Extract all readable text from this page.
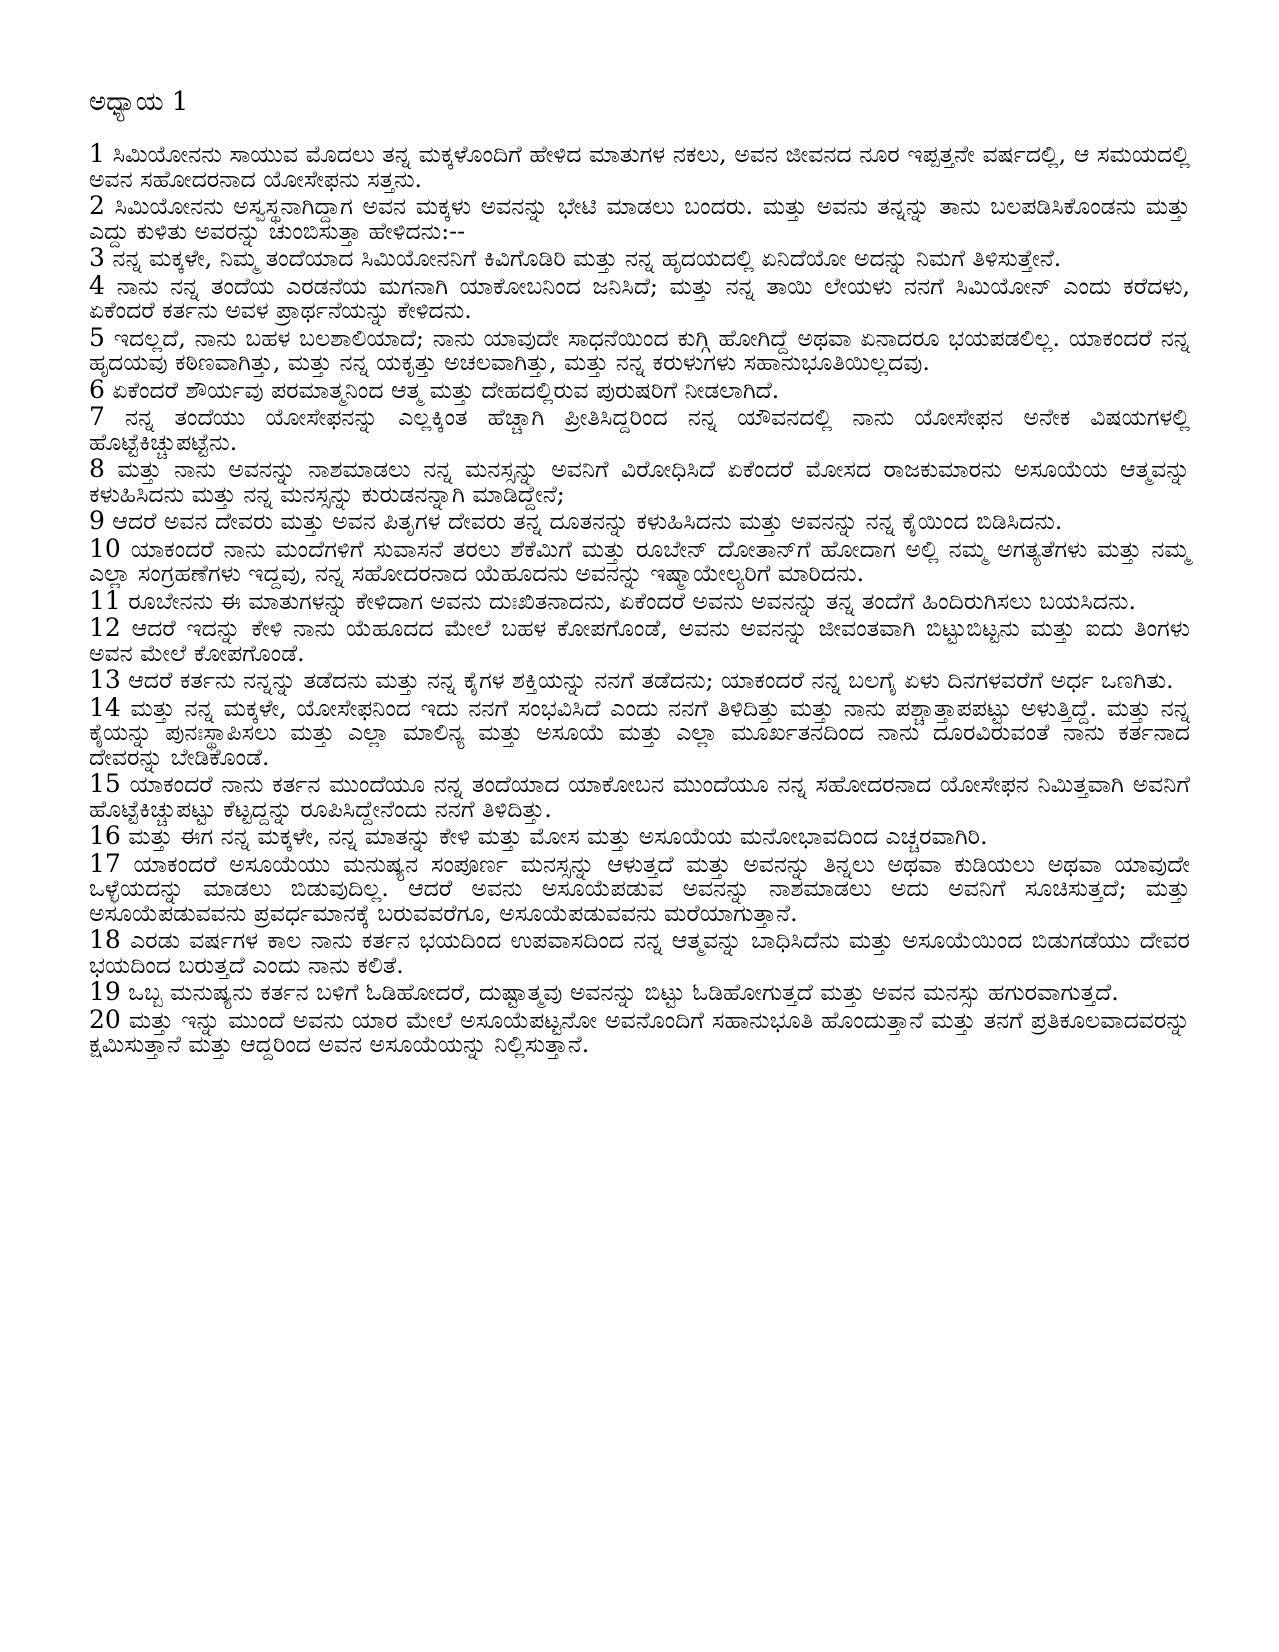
ಅಧ್ಯಾಯ 1

1 ಸಿಮಿಯೋನನು ಸಾಯುವ ಮೊದಲು ತನ್ನ ಮಕ್ಕಳೊಂದಿಗೆ ಹೇಳಿದ ಮಾತುಗಳ ನಕಲು, ಅವನ ಜೀವನದ ನೂರ ಇಪ್ಪತ್ತನೇ ವರ್ಷದಲ್ಲಿ, ಆ ಸಮಯದಲ್ಲಿ ಅವನ ಸಹೋದರನಾದ ಯೋಸೇಫನು ಸತ್ತನು.

2 ಸಿಮಿಯೋನನು ಅಸ್ವಸ್ಥನಾಗಿದ್ದಾಗ ಅವನ ಮಕ್ಕಳು ಅವನನ್ನು ಭೇಟಿ ಮಾಡಲು ಬಂದರು. ಮತ್ತು ಅವನು ತನ್ನನ್ನು ತಾನು ಬಲಪಡಿಸಿಕೊಂಡನು ಮತ್ತು ಎದ್ದು ಕುಳಿತು ಅವರನ್ನು ಚುಂಬಿಸುತ್ತಾ ಹೇಳಿದನು:--

3 ನನ್ನ ಮಕ್ಕಳೇ, ನಿಮ್ಮ ತಂದೆಯಾದ ಸಿಮಿಯೋನನಿಗೆ ಕಿವಿಗೊಡಿರಿ ಮತ್ತು ನನ್ನ ಹೃದಯದಲ್ಲಿ ಏನಿದೆಯೋ ಅದನ್ನು ನಿಮಗೆ ತಿಳಿಸುತ್ತೇನೆ.

4 ನಾನು ನನ್ನ ತಂದೆಯ ಎರಡನೆಯ ಮಗನಾಗಿ ಯಾಕೋಬನಿಂದ ಜನಿಸಿದೆ; ಮತ್ತು ನನ್ನ ತಾಯಿ ಲೇಯಳು ನನಗೆ ಸಿಮಿಯೋನ್ ಎಂದು ಕರೆದಳು, ಏಕೆಂದರೆ ಕರ್ತನು ಅವಳ ಪ್ರಾರ್ಥನೆಯನ್ನು ಕೇಳಿದನು.

5 ಇದಲ್ಲದೆ, ನಾನು ಬಹಳ ಬಲಶಾಲಿಯಾದೆ; ನಾನು ಯಾವುದೇ ಸಾಧನೆಯಿಂದ ಕುಗ್ಗಿ ಹೋಗಿದ್ದೆ ಅಥವಾ ಏನಾದರೂ ಭಯಪಡಲಿಲ್ಲ. ಯಾಕಂದರೆ ನನ್ನ ಹೃದಯವು ಕಠಿಣವಾಗಿತ್ತು, ಮತ್ತು ನನ್ನ ಯಕೃತ್ತು ಅಚಲವಾಗಿತ್ತು, ಮತ್ತು ನನ್ನ ಕರುಳುಗಳು ಸಹಾನುಭೂತಿಯಿಲ್ಲದವು.

6 ಏಕೆಂದರೆ ಶೌರ್ಯವು ಪರಮಾತ್ಮನಿಂದ ಆತ್ಮ ಮತ್ತು ದೇಹದಲ್ಲಿರುವ ಪುರುಷರಿಗೆ ನೀಡಲಾಗಿದೆ.

7 ನನ್ನ ತಂದೆಯು ಯೋಸೇಫನನ್ನು ಎಲ್ಲಕ್ಕಿಂತ ಹೆಚ್ಚಾಗಿ ಪ್ರೀತಿಸಿದ್ದರಿಂದ ನನ್ನ ಯೌವನದಲ್ಲಿ ನಾನು ಯೋಸೇಫನ ಅನೇಕ ವಿಷಯಗಳಲ್ಲಿ ಹೊಟ್ಟೆಕಿಚ್ಚುಪಟ್ಟೆನು.

8 ಮತ್ತು ನಾನು ಅವನನ್ನು ನಾಶಮಾಡಲು ನನ್ನ ಮನಸ್ಸನ್ನು ಅವನಿಗೆ ವಿರೋಧಿಸಿದೆ ಏಕೆಂದರೆ ಮೋಸದ ರಾಜಕುಮಾರನು ಅಸೂಯೆಯ ಆತ್ಮವನ್ನು ಕಳುಹಿಸಿದನು ಮತ್ತು ನನ್ನ ಮನಸ್ಸನ್ನು ಕುರುಡನನ್ನಾಗಿ ಮಾಡಿದ್ದೇನೆ;

9 ಆದರೆ ಅವನ ದೇವರು ಮತ್ತು ಅವನ ಪಿತೃಗಳ ದೇವರು ತನ್ನ ದೂತನನ್ನು ಕಳುಹಿಸಿದನು ಮತ್ತು ಅವನನ್ನು ನನ್ನ ಕೈಯಿಂದ ಬಿಡಿಸಿದನು.

10 ಯಾಕಂದರೆ ನಾನು ಮಂದೆಗಳಿಗೆ ಸುವಾಸನೆ ತರಲು ಶೆಕೆಮಿಗೆ ಮತ್ತು ರೂಬೇನ್ ದೋತಾನ್‌ಗೆ ಹೋದಾಗ ಅಲ್ಲಿ ನಮ್ಮ ಅಗತ್ಯತೆಗಳು ಮತ್ತು ನಮ್ಮ ಎಲ್ಲಾ ಸಂಗ್ರಹಣೆಗಳು ಇದ್ದವು, ನನ್ನ ಸಹೋದರನಾದ ಯೆಹೂದನು ಅವನನ್ನು ಇಷ್ಮಾಯೇಲ್ಯರಿಗೆ ಮಾರಿದನು.

11 ರೂಬೇನನು ಈ ಮಾತುಗಳನ್ನು ಕೇಳಿದಾಗ ಅವನು ದುಃಖಿತನಾದನು, ಏಕೆಂದರೆ ಅವನು ಅವನನ್ನು ತನ್ನ ತಂದೆಗೆ ಹಿಂದಿರುಗಿಸಲು ಬಯಸಿದನು.

12 ಆದರೆ ಇದನ್ನು ಕೇಳಿ ನಾನು ಯೆಹೂದದ ಮೇಲೆ ಬಹಳ ಕೋಪಗೊಂಡೆ, ಅವನು ಅವನನ್ನು ಜೀವಂತವಾಗಿ ಬಿಟ್ಟುಬಿಟ್ಟನು ಮತ್ತು ಐದು ತಿಂಗಳು ಅವನ ಮೇಲೆ ಕೋಪಗೊಂಡೆ.

13 ಆದರೆ ಕರ್ತನು ನನ್ನನ್ನು ತಡೆದನು ಮತ್ತು ನನ್ನ ಕೈಗಳ ಶಕ್ತಿಯನ್ನು ನನಗೆ ತಡೆದನು; ಯಾಕಂದರೆ ನನ್ನ ಬಲಗೈ ಏಳು ದಿನಗಳವರೆಗೆ ಅರ್ಧ ಒಣಗಿತು.

14 ಮತ್ತು ನನ್ನ ಮಕ್ಕಳೇ, ಯೋಸೇಫನಿಂದ ಇದು ನನಗೆ ಸಂಭವಿಸಿದೆ ಎಂದು ನನಗೆ ತಿಳಿದಿತ್ತು ಮತ್ತು ನಾನು ಪಶ್ಚಾತ್ತಾಪಪಟ್ಟು ಅಳುತ್ತಿದ್ದೆ. ಮತ್ತು ನನ್ನ ಕೈಯನ್ನು ಪುನಃಸ್ಥಾಪಿಸಲು ಮತ್ತು ಎಲ್ಲಾ ಮಾಲಿನ್ಯ ಮತ್ತು ಅಸೂಯೆ ಮತ್ತು ಎಲ್ಲಾ ಮೂರ್ಖತನದಿಂದ ನಾನು ದೂರವಿರುವಂತೆ ನಾನು ಕರ್ತನಾದ ದೇವರನ್ನು ಬೇಡಿಕೊಂಡೆ.

15 ಯಾಕಂದರೆ ನಾನು ಕರ್ತನ ಮುಂದೆಯೂ ನನ್ನ ತಂದೆಯಾದ ಯಾಕೋಬನ ಮುಂದೆಯೂ ನನ್ನ ಸಹೋದರನಾದ ಯೋಸೇಫನ ನಿಮಿತ್ತವಾಗಿ ಅವನಿಗೆ ಹೊಟ್ಟೆಕಿಚ್ಚುಪಟ್ಟು ಕೆಟ್ಟದ್ದನ್ನು ರೂಪಿಸಿದ್ದೇನೆಂದು ನನಗೆ ತಿಳಿದಿತ್ತು.

16 ಮತ್ತು ಈಗ ನನ್ನ ಮಕ್ಕಳೇ, ನನ್ನ ಮಾತನ್ನು ಕೇಳಿ ಮತ್ತು ಮೋಸ ಮತ್ತು ಅಸೂಯೆಯ ಮನೋಭಾವದಿಂದ ಎಚ್ಚರವಾಗಿರಿ.

17 ಯಾಕಂದರೆ ಅಸೂಯೆಯು ಮನುಷ್ಯನ ಸಂಪೂರ್ಣ ಮನಸ್ಸನ್ನು ಆಳುತ್ತದೆ ಮತ್ತು ಅವನನ್ನು ತಿನ್ನಲು ಅಥವಾ ಕುಡಿಯಲು ಅಥವಾ ಯಾವುದೇ ಒಳ್ಳೆಯದನ್ನು ಮಾಡಲು ಬಿಡುವುದಿಲ್ಲ. ಆದರೆ ಅವನು ಅಸೂಯೆಪಡುವ ಅವನನ್ನು ನಾಶಮಾಡಲು ಅದು ಅವನಿಗೆ ಸೂಚಿಸುತ್ತದೆ; ಮತ್ತು ಅಸೂಯೆಪಡುವವನು ಪ್ರವರ್ಧಮಾನಕ್ಕೆ ಬರುವವರೆಗೂ, ಅಸೂಯೆಪಡುವವನು ಮರೆಯಾಗುತ್ತಾನೆ.

18 ಎರಡು ವರ್ಷಗಳ ಕಾಲ ನಾನು ಕರ್ತನ ಭಯದಿಂದ ಉಪವಾಸದಿಂದ ನನ್ನ ಆತ್ಮವನ್ನು ಬಾಧಿಸಿದೆನು ಮತ್ತು ಅಸೂಯೆಯಿಂದ ಬಿಡುಗಡೆಯು ದೇವರ ಭಯದಿಂದ ಬರುತ್ತದೆ ಎಂದು ನಾನು ಕಲಿತೆ.

19 ಒಬ್ಬ ಮನುಷ್ಯನು ಕರ್ತನ ಬಳಿಗೆ ಓಡಿಹೋದರೆ, ದುಷ್ಟಾತ್ಮವು ಅವನನ್ನು ಬಿಟ್ಟು ಓಡಿಹೋಗುತ್ತದೆ ಮತ್ತು ಅವನ ಮನಸ್ಸು ಹಗುರವಾಗುತ್ತದೆ.

20 ಮತ್ತು ಇನ್ನು ಮುಂದೆ ಅವನು ಯಾರ ಮೇಲೆ ಅಸೂಯೆಪಟ್ಟನೋ ಅವನೊಂದಿಗೆ ಸಹಾನುಭೂತಿ ಹೊಂದುತ್ತಾನೆ ಮತ್ತು ತನಗೆ ಪ್ರತಿಕೂಲವಾದವರನ್ನು ಕ್ಷಮಿಸುತ್ತಾನೆ ಮತ್ತು ಆದ್ದರಿಂದ ಅವನ ಅಸೂಯೆಯನ್ನು ನಿಲ್ಲಿಸುತ್ತಾನೆ.
